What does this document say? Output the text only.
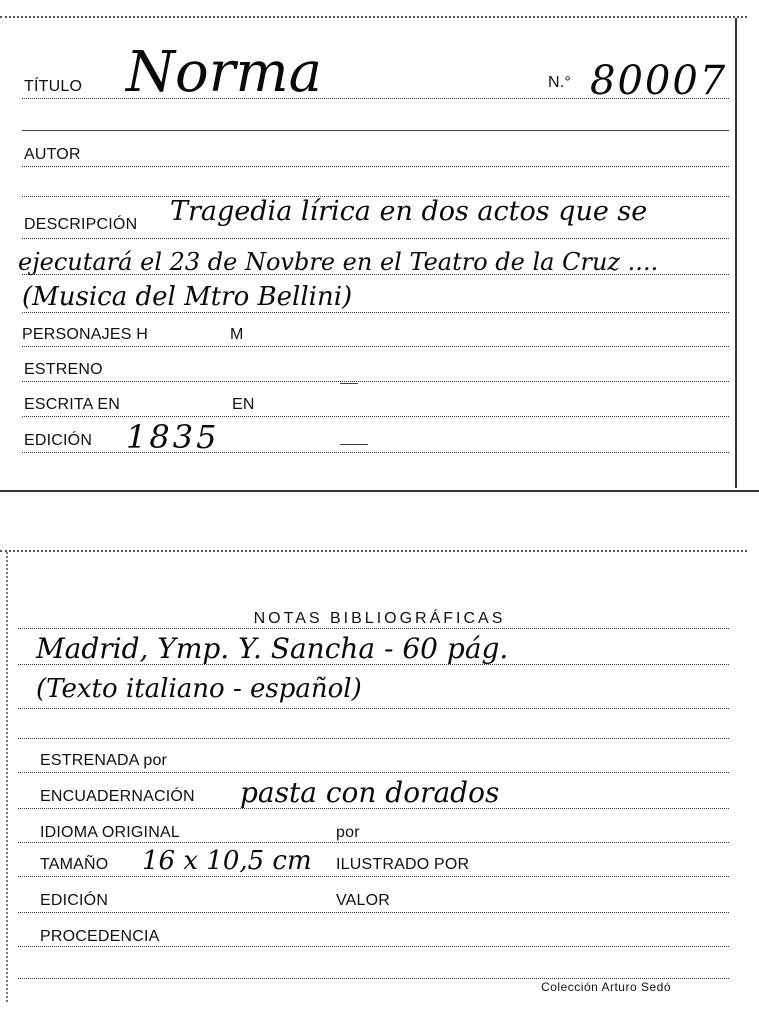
TÍTULO Norma	N.° 80007
AUTOR
DESCRIPCIÓN Tragedia lírica en dos actos que se
ejecutará el 23 de Novbre en el Teatro de la Cruz ....
(Musica del Mtro Bellini)
PERSONAJES H	M
ESTRENO
ESCRITA EN	EN
EDICIÓN 1835
NOTAS BIBLIOGRÁFICAS
Madrid, Ymp. Y. Sancha - 60 pág.
(Texto italiano - español)
ESTRENADA por
ENCUADERNACIÓN pasta con dorados
IDIOMA ORIGINAL	por
TAMAÑO 16 x 10,5 cm ILUSTRADO POR
EDICIÓN	VALOR
PROCEDENCIA
Colección Arturo Sedó
